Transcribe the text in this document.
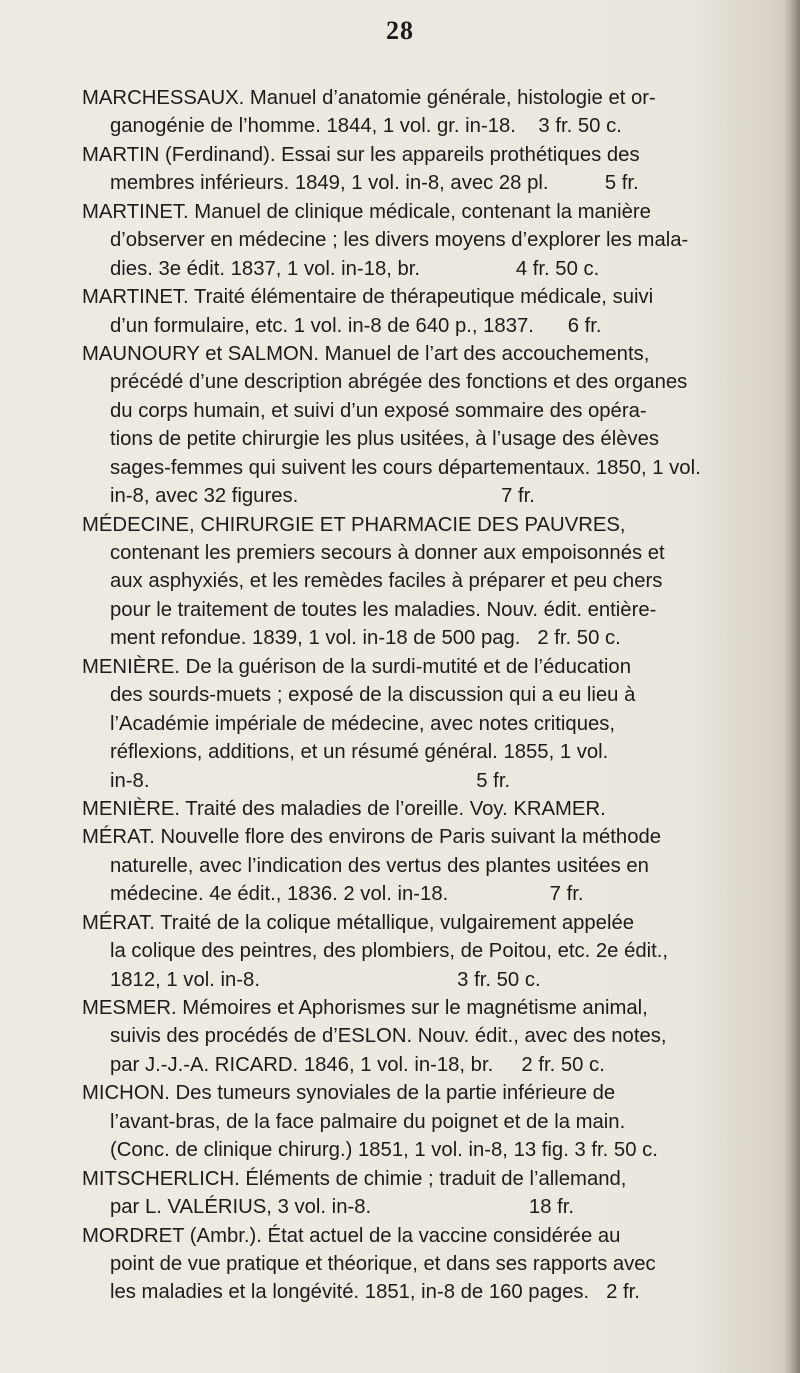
28
MARCHESSAUX. Manuel d’anatomie générale, histologie et or-
ganogénie de l’homme. 1844, 1 vol. gr. in-18.    3 fr. 50 c.
MARTIN (Ferdinand). Essai sur les appareils prothétiques des
membres inférieurs. 1849, 1 vol. in-8, avec 28 pl.          5 fr.
MARTINET. Manuel de clinique médicale, contenant la manière
d’observer en médecine ; les divers moyens d’explorer les mala-
dies. 3e édit. 1837, 1 vol. in-18, br.                 4 fr. 50 c.
MARTINET. Traité élémentaire de thérapeutique médicale, suivi
d’un formulaire, etc. 1 vol. in-8 de 640 p., 1837.      6 fr.
MAUNOURY et SALMON. Manuel de l’art des accouchements,
précédé d’une description abrégée des fonctions et des organes
du corps humain, et suivi d’un exposé sommaire des opéra-
tions de petite chirurgie les plus usitées, à l’usage des élèves
sages-femmes qui suivent les cours départementaux. 1850, 1 vol.
in-8, avec 32 figures.                                    7 fr.
MÉDECINE, CHIRURGIE ET PHARMACIE DES PAUVRES,
contenant les premiers secours à donner aux empoisonnés et
aux asphyxiés, et les remèdes faciles à préparer et peu chers
pour le traitement de toutes les maladies. Nouv. édit. entière-
ment refondue. 1839, 1 vol. in-18 de 500 pag.   2 fr. 50 c.
MENIÈRE. De la guérison de la surdi-mutité et de l’éducation
des sourds-muets ; exposé de la discussion qui a eu lieu à
l’Académie impériale de médecine, avec notes critiques,
réflexions, additions, et un résumé général. 1855, 1 vol.
in-8.                                                          5 fr.
MENIÈRE. Traité des maladies de l’oreille. Voy. KRAMER.
MÉRAT. Nouvelle flore des environs de Paris suivant la méthode
naturelle, avec l’indication des vertus des plantes usitées en
médecine. 4e édit., 1836. 2 vol. in-18.                  7 fr.
MÉRAT. Traité de la colique métallique, vulgairement appelée
la colique des peintres, des plombiers, de Poitou, etc. 2e édit.,
1812, 1 vol. in-8.                                   3 fr. 50 c.
MESMER. Mémoires et Aphorismes sur le magnétisme animal,
suivis des procédés de d’ESLON. Nouv. édit., avec des notes,
par J.-J.-A. RICARD. 1846, 1 vol. in-18, br.     2 fr. 50 c.
MICHON. Des tumeurs synoviales de la partie inférieure de
l’avant-bras, de la face palmaire du poignet et de la main.
(Conc. de clinique chirurg.) 1851, 1 vol. in-8, 13 fig. 3 fr. 50 c.
MITSCHERLICH. Éléments de chimie ; traduit de l’allemand,
par L. VALÉRIUS, 3 vol. in-8.                            18 fr.
MORDRET (Ambr.). État actuel de la vaccine considérée au
point de vue pratique et théorique, et dans ses rapports avec
les maladies et la longévité. 1851, in-8 de 160 pages.   2 fr.
